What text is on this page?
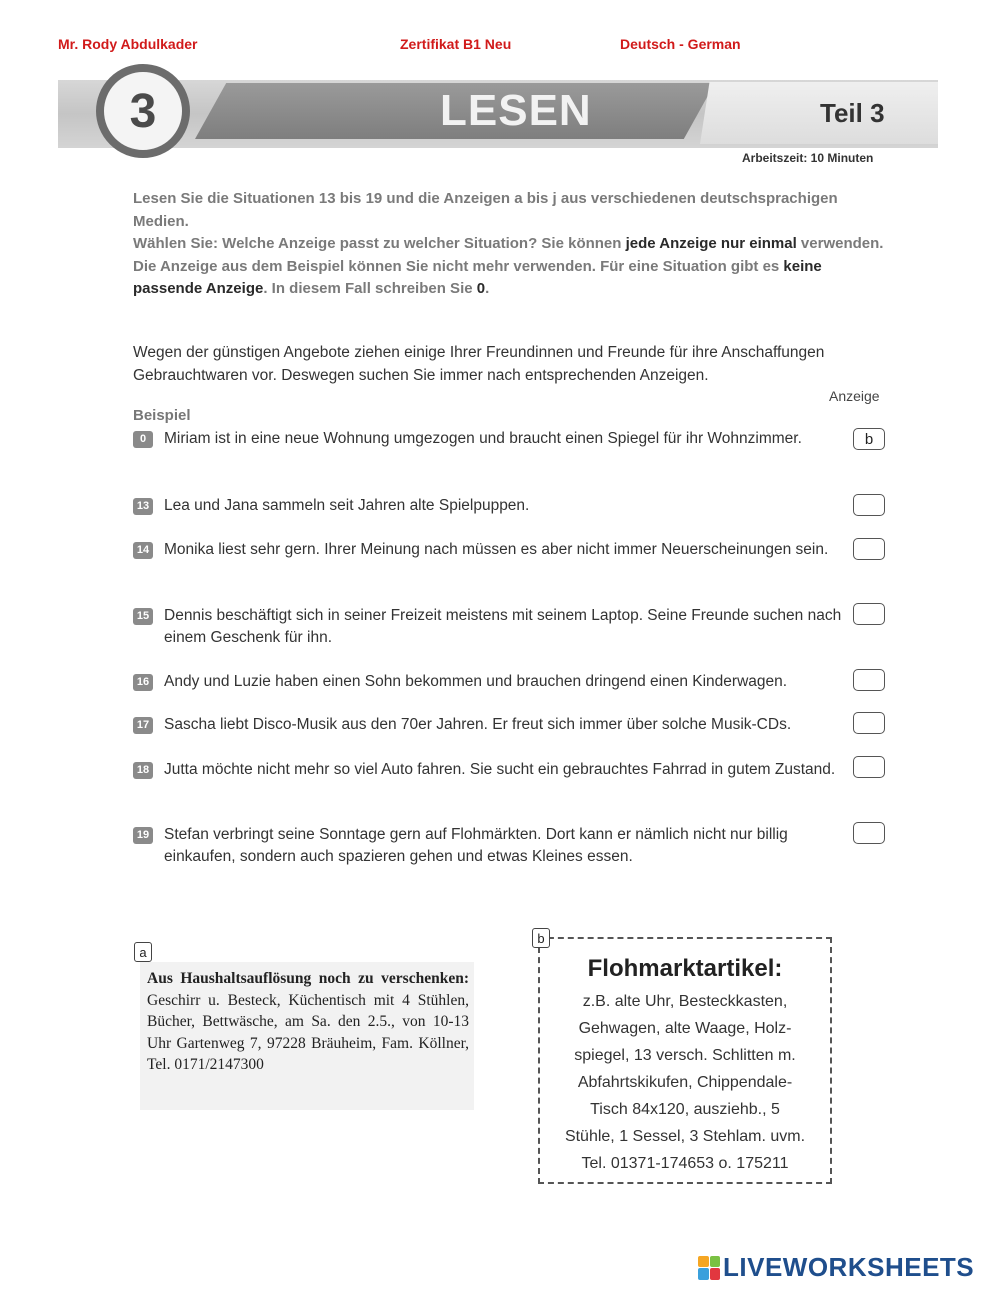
Mr. Rody Abdulkader	Zertifikat B1 Neu	Deutsch - German
3	LESEN	Teil 3
Arbeitszeit: 10 Minuten
Lesen Sie die Situationen 13 bis 19 und die Anzeigen a bis j aus verschiedenen deutschsprachigen Medien.
Wählen Sie: Welche Anzeige passt zu welcher Situation? Sie können jede Anzeige nur einmal verwenden.
Die Anzeige aus dem Beispiel können Sie nicht mehr verwenden. Für eine Situation gibt es keine passende Anzeige. In diesem Fall schreiben Sie 0.
Wegen der günstigen Angebote ziehen einige Ihrer Freundinnen und Freunde für ihre Anschaffungen Gebrauchtwaren vor. Deswegen suchen Sie immer nach entsprechenden Anzeigen.
Anzeige
Beispiel
0	Miriam ist in eine neue Wohnung umgezogen und braucht einen Spiegel für ihr Wohnzimmer.	b
13 Lea und Jana sammeln seit Jahren alte Spielpuppen.
14 Monika liest sehr gern. Ihrer Meinung nach müssen es aber nicht immer Neuerscheinungen sein.
15 Dennis beschäftigt sich in seiner Freizeit meistens mit seinem Laptop. Seine Freunde suchen nach einem Geschenk für ihn.
16 Andy und Luzie haben einen Sohn bekommen und brauchen dringend einen Kinderwagen.
17 Sascha liebt Disco-Musik aus den 70er Jahren. Er freut sich immer über solche Musik-CDs.
18 Jutta möchte nicht mehr so viel Auto fahren. Sie sucht ein gebrauchtes Fahrrad in gutem Zustand.
19 Stefan verbringt seine Sonntage gern auf Flohmärkten. Dort kann er nämlich nicht nur billig einkaufen, sondern auch spazieren gehen und etwas Kleines essen.
a
Aus Haushaltsauflösung noch zu verschenken: Geschirr u. Besteck, Küchentisch mit 4 Stühlen, Bücher, Bettwäsche, am Sa. den 2.5., von 10-13 Uhr Gartenweg 7, 97228 Bräuheim, Fam. Köllner, Tel. 0171/2147300
b
Flohmarktartikel:
z.B. alte Uhr, Besteckkasten,
Gehwagen, alte Waage, Holz-
spiegel, 13 versch. Schlitten m.
Abfahrtskikufen, Chippendale-
Tisch 84x120, ausziehb., 5
Stühle, 1 Sessel, 3 Stehlam. uvm.
Tel. 01371-174653 o. 175211
LIVEWORKSHEETS
